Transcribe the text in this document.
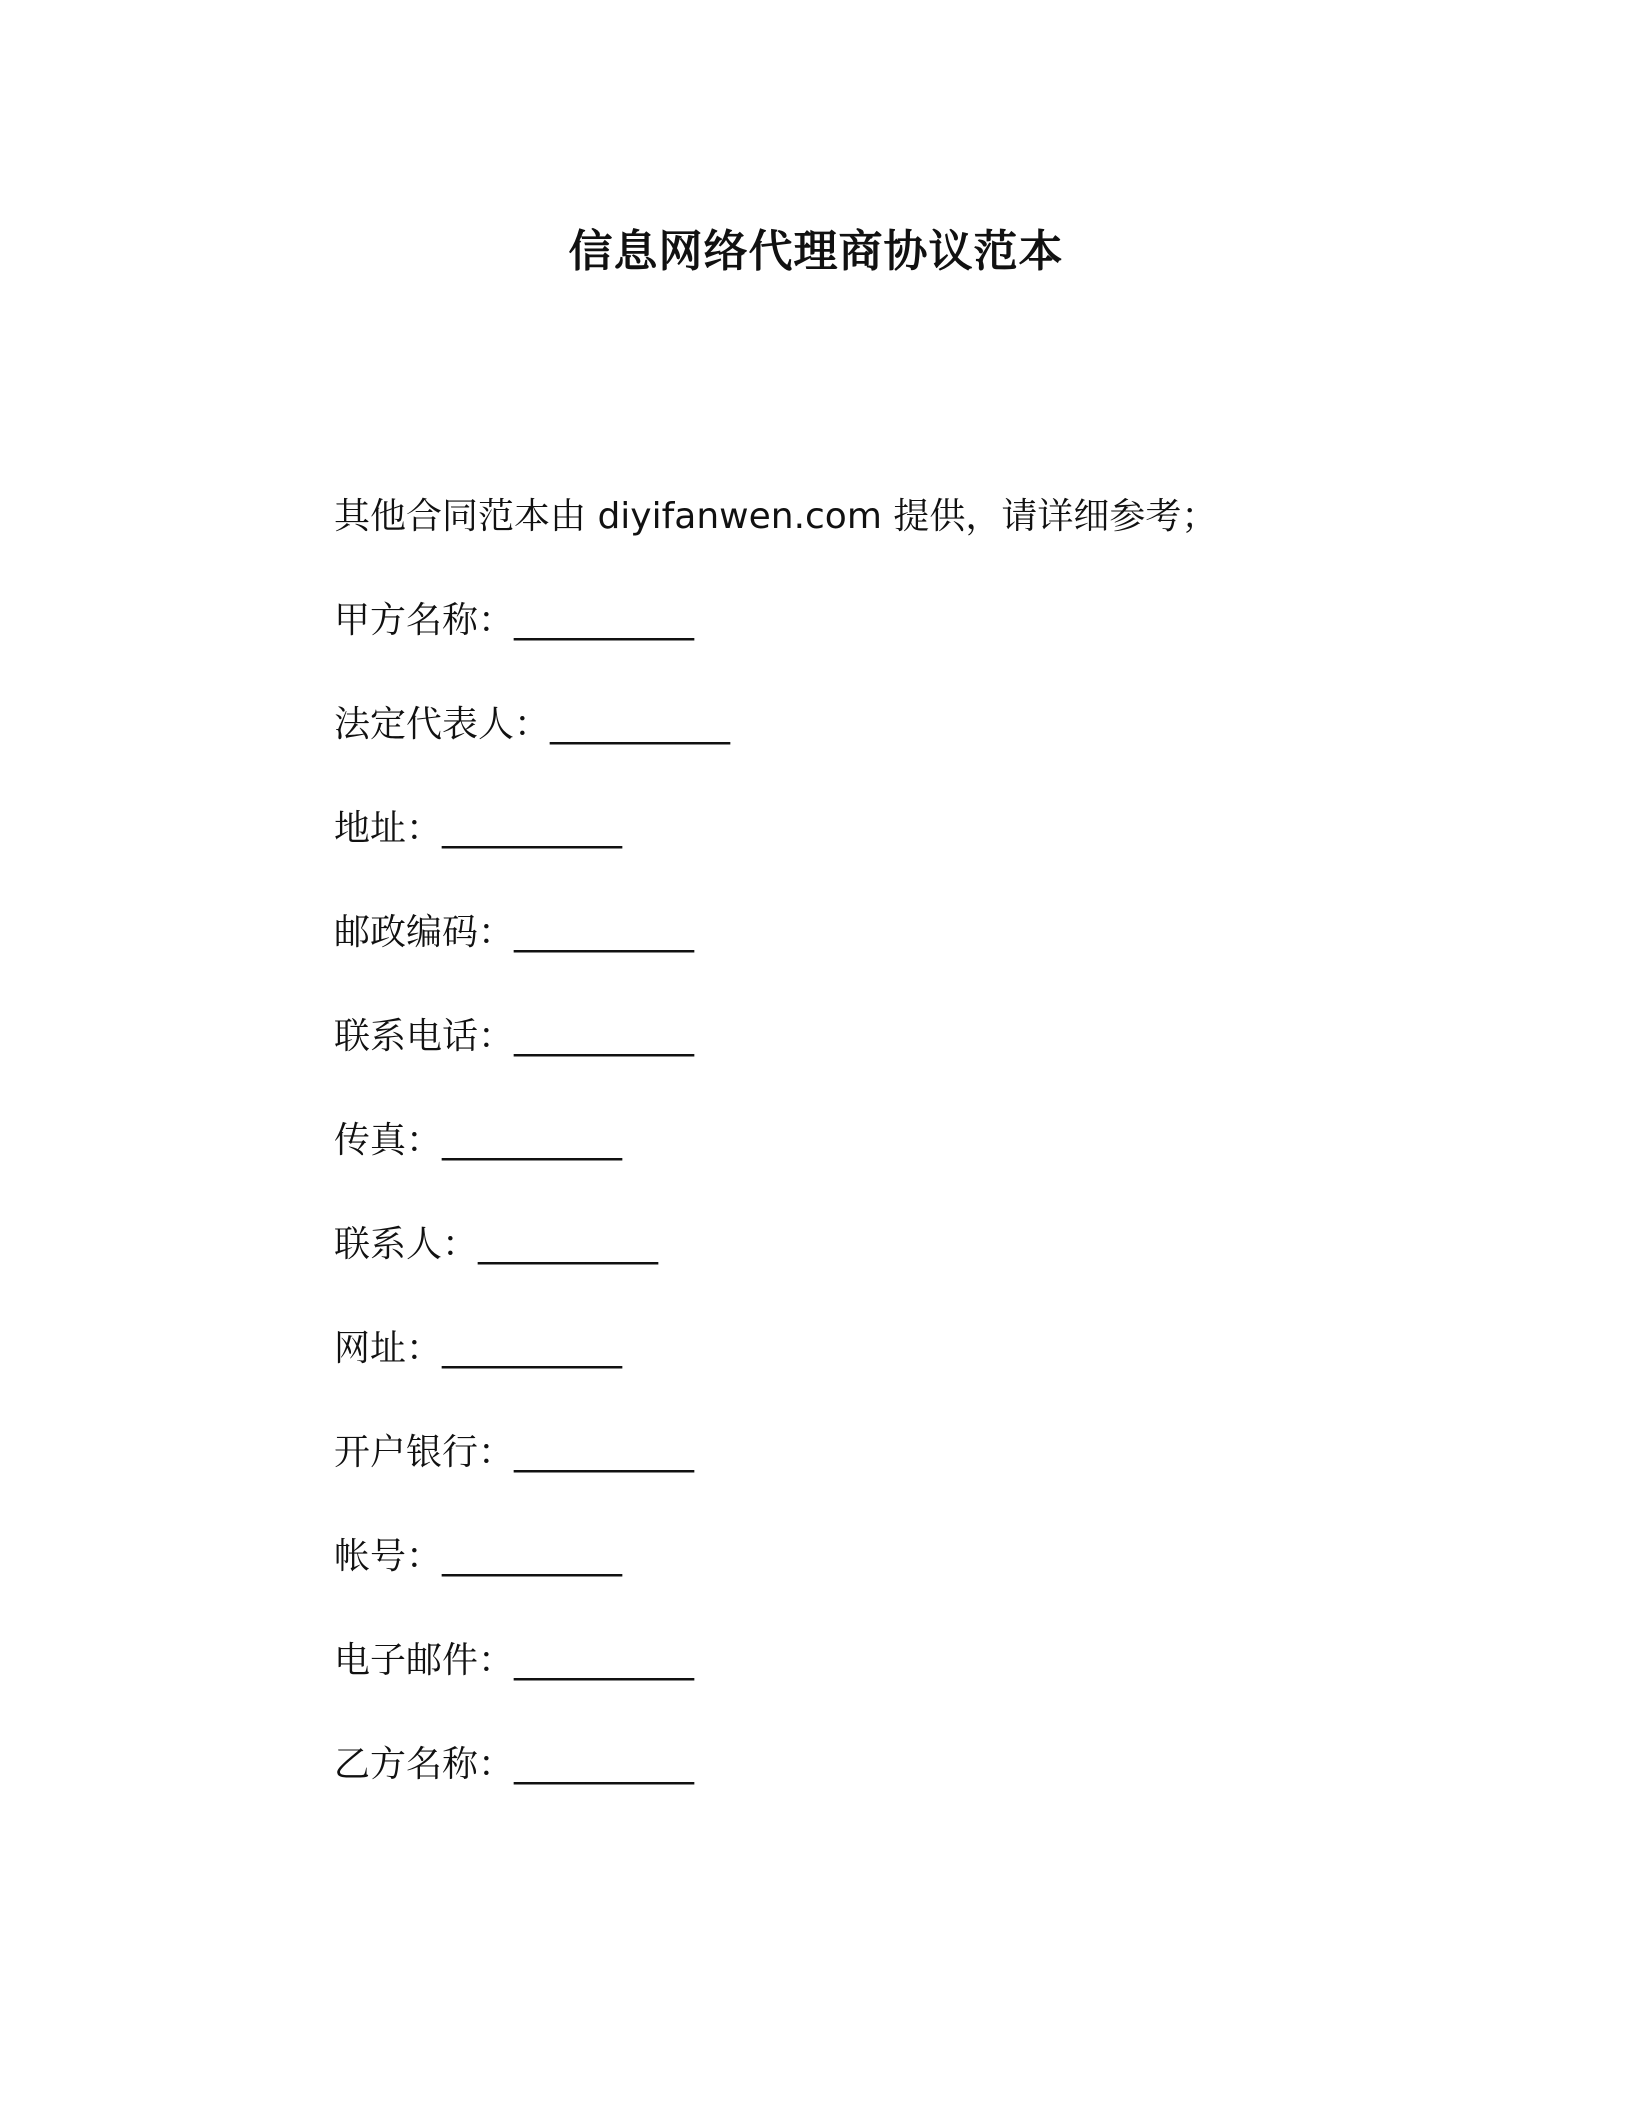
信息网络代理商协议范本
其他合同范本由 diyifanwen.com 提供，请详细参考；
甲方名称：__________
法定代表人：__________
地址：__________
邮政编码：__________
联系电话：__________
传真：__________
联系人：__________
网址：__________
开户银行：__________
帐号：__________
电子邮件：__________
乙方名称：__________
